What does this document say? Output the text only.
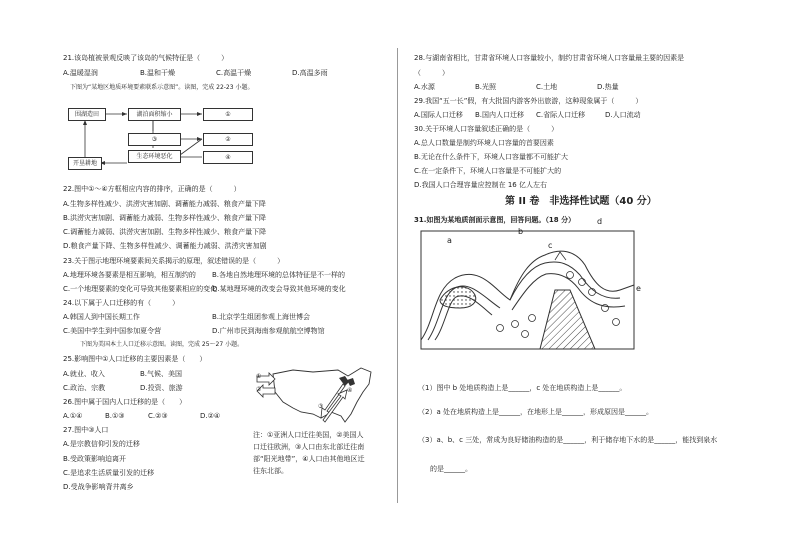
21.该岛植被景观反映了该岛的气候特征是（　　　）
A.温暖湿润	B.温和干燥	C.高温干燥	D.高温多雨
下图为“某地区地质环境要素联系示意图”。读图，完成 22-23 小题。
围湖造田	湖泊面积缩小	①
③	②
生态环境恶化	④
开垦耕地
22.图中①～④方框相应内容的排序，正确的是（　　　）
A.生物多样性减少、洪涝灾害加剧、调蓄能力减弱、粮食产量下降
B.洪涝灾害加剧、调蓄能力减弱、生物多样性减少、粮食产量下降
C.调蓄能力减弱、洪涝灾害加剧、生物多样性减少、粮食产量下降
D.粮食产量下降、生物多样性减少、调蓄能力减弱、洪涝灾害加剧
23.关于图示地理环境要素间关系揭示的原理，叙述错误的是（　　　）
A.地理环境各要素是相互影响，相互制约的 B.各地自然地理环境的总体特征是不一样的
C.一个地理要素的变化可导致其他要素相应的变化
D.某地理环境的改变会导致其他环境的变化
24.以下属于人口迁移的有（　　　）
A.韩国人到中国长期工作	B.北京学生组团参观上海世博会
C.美国中学生到中国参加夏令营	D.广州市民到海南参观航航空博物馆
下图为美国本土人口迁移示意图。读图，完成 25～27 小题。
25.影响图中①人口迁移的主要因素是（　　）
A.就业、收入	B.气候、美国
C.政治、宗教	D.投资、旅游
26.图中属于国内人口迁移的是（　　）
A.①④	B.①③	C.②③	D.②④
27.图中③人口
A.是宗教信仰引发的迁移
B.受政策影响迫离开
C.是追求生活质量引发的迁移
D.受战争影响背井离乡
①
②
③
④
注：①亚洲人口迁往美国，②美国人
口迁往欧洲，③人口由东北部迁往南
部“阳光地带”，④人口由其他地区迁
往东北部。
28.与湖南省相比，甘肃省环境人口容量较小，制约甘肃省环境人口容量最主要的因素是
（　　　）
A.水源	B.光照	C.土地	D.热量
29.我国“五一长”假，有大批国内游客外出旅游，这种现象属于（　　　）
A.国际人口迁移 B.国内人口迁移 C.省际人口迁移	D.人口流动
30.关于环境人口容量叙述正确的是（　　　）
A.总人口数量是制约环境人口容量的首要因素
B.无论在什么条件下，环境人口容量都不可能扩大
C.在一定条件下，环境人口容量是不可能扩大的
D.我国人口合理容量应控制在 16 亿人左右
第 II 卷　非选择性试题（40 分）
31.如图为某地质剖面示意图，回答问题。（18 分）
a
b
c
d
e
（1）图中 b 处地质构造上是______，c 处在地质构造上是______。
（2）a 处在地质构造上是______，在地形上是______，形成原因是______。
（3）a、b、c 三处，常成为良好储油构造的是______，利于储存地下水的是______，能找到泉水
的是______。
